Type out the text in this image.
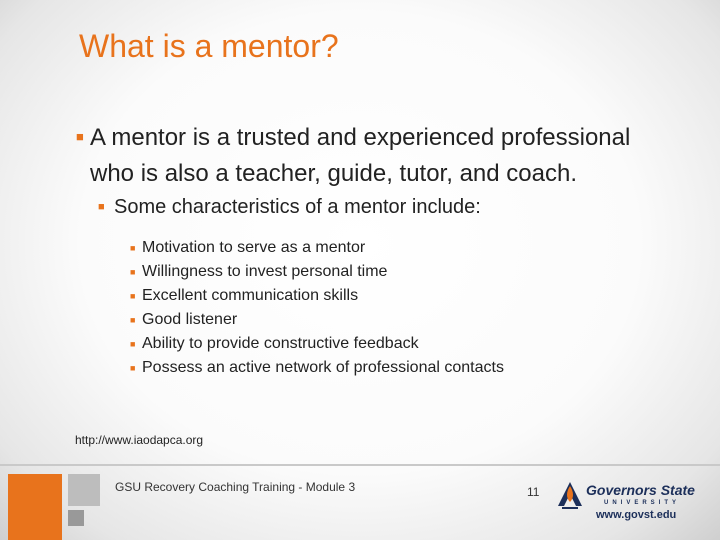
What is a mentor?
■ A mentor is a trusted and experienced professional who is also a teacher, guide, tutor, and coach.
■ Some characteristics of a mentor include:
■ Motivation to serve as a mentor
■ Willingness to invest personal time
■ Excellent communication skills
■ Good listener
■ Ability to provide constructive feedback
■ Possess an active network of professional contacts
http://www.iaodapca.org
GSU Recovery Coaching Training - Module 3	11	Governors State
UNIVERSITY
www.govst.edu
